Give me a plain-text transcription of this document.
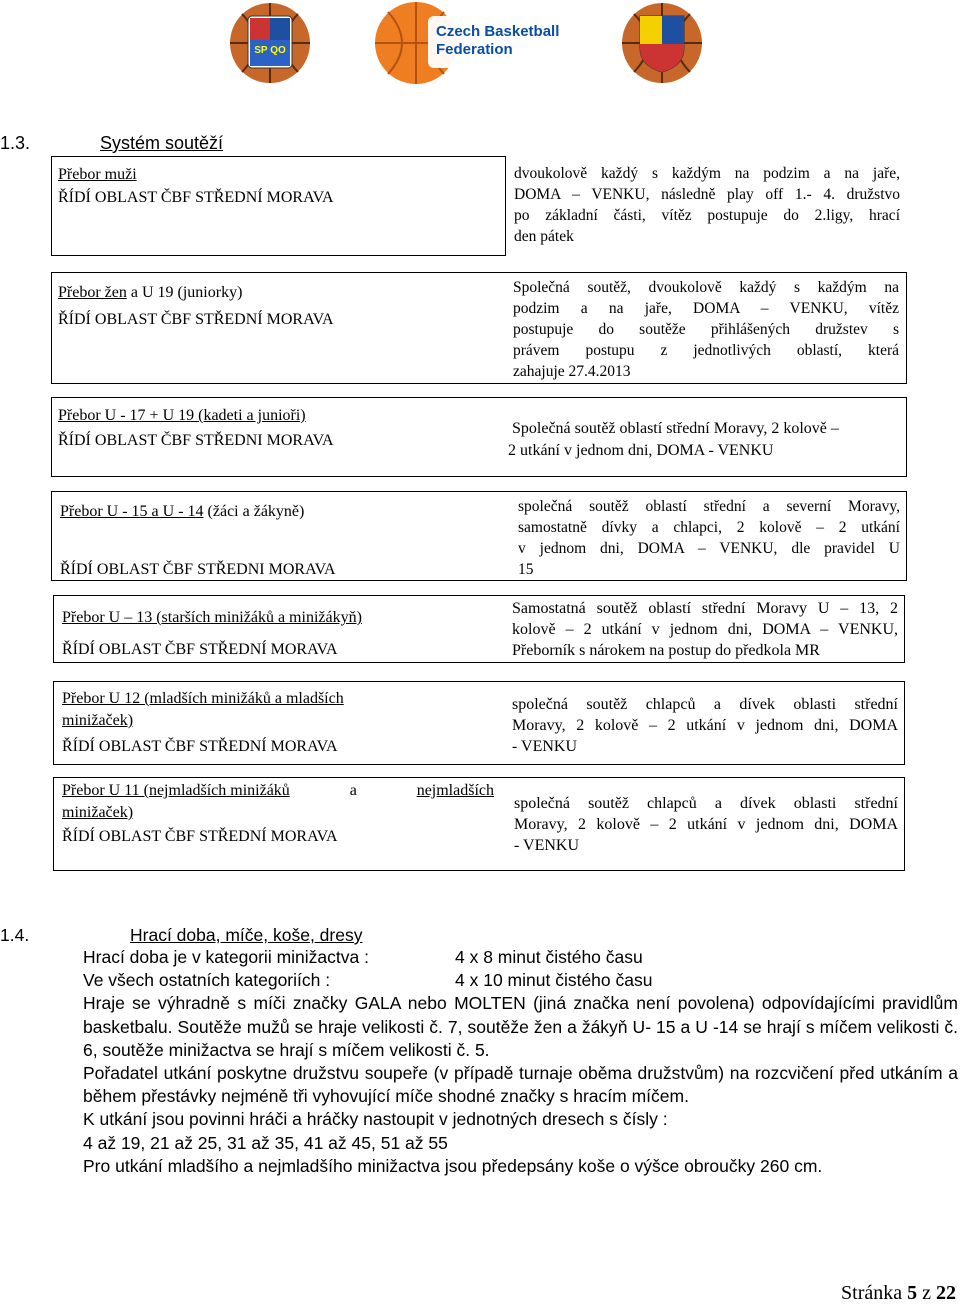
SP QO
Czech Basketball
Federation
1.3.	Systém soutěží
Přebor muži
ŘÍDÍ OBLAST ČBF STŘEDNÍ MORAVA
dvoukolově každý s každým na podzim a na jaře,
DOMA – VENKU, následně play off 1.- 4. družstvo
po základní části, vítěz postupuje do 2.ligy, hrací
den pátek
Přebor žen a U 19 (juniorky)
ŘÍDÍ OBLAST ČBF STŘEDNÍ MORAVA
Společná soutěž, dvoukolově každý s každým na
podzim a na jaře, DOMA – VENKU, vítěz
postupuje do soutěže přihlášených družstev s
právem postupu z jednotlivých oblastí, která
zahajuje 27.4.2013
Přebor U - 17 + U 19 (kadeti a junioři)
ŘÍDÍ OBLAST ČBF STŘEDNI MORAVA
Společná soutěž oblastí střední Moravy, 2 kolově –
2 utkání v jednom dni, DOMA - VENKU
Přebor U - 15 a U - 14 (žáci a žákyně)
ŘÍDÍ OBLAST ČBF STŘEDNI MORAVA
společná soutěž oblastí střední a severní Moravy,
samostatně dívky a chlapci, 2 kolově – 2 utkání
v jednom dni, DOMA – VENKU, dle pravidel U
15
Přebor U – 13 (starších minižáků a minižákyň)
ŘÍDÍ OBLAST ČBF STŘEDNÍ MORAVA
Samostatná soutěž oblastí střední Moravy U – 13, 2
kolově – 2 utkání v jednom dni, DOMA – VENKU,
Přeborník s nárokem na postup do předkola MR
Přebor U 12 (mladších minižáků a mladších
minižaček)
ŘÍDÍ OBLAST ČBF STŘEDNÍ MORAVA
společná soutěž chlapců a dívek oblasti střední
Moravy, 2 kolově – 2 utkání v jednom dni, DOMA
- VENKU
Přebor U 11 (nejmladších minižáků	a	nejmladších
minižaček)
ŘÍDÍ OBLAST ČBF STŘEDNÍ MORAVA
společná soutěž chlapců a dívek oblasti střední
Moravy, 2 kolově – 2 utkání v jednom dni, DOMA
- VENKU
1.4.	Hrací doba, míče, koše, dresy
Hrací doba je v kategorii minižactva :	4 x 8 minut čistého času
Ve všech ostatních kategoriích :	4 x 10 minut čistého času

Hraje se výhradně s míči značky GALA nebo MOLTEN (jiná značka není povolena) odpovídajícími pravidlům basketbalu. Soutěže mužů se hraje velikosti č. 7, soutěže žen a žákyň U- 15 a U -14 se hrají s míčem velikosti č. 6, soutěže minižactva se hrají s míčem velikosti č. 5.

Pořadatel utkání poskytne družstvu soupeře (v případě turnaje oběma družstvům) na rozcvičení před utkáním a během přestávky nejméně tři vyhovující míče shodné značky s hracím míčem.

K utkání jsou povinni hráči a hráčky nastoupit v jednotných dresech s čísly :

4 až 19, 21 až 25, 31 až 35, 41 až 45, 51 až 55

Pro utkání mladšího a nejmladšího minižactva jsou předepsány koše o výšce obroučky 260 cm.

Stránka 5 z 22
